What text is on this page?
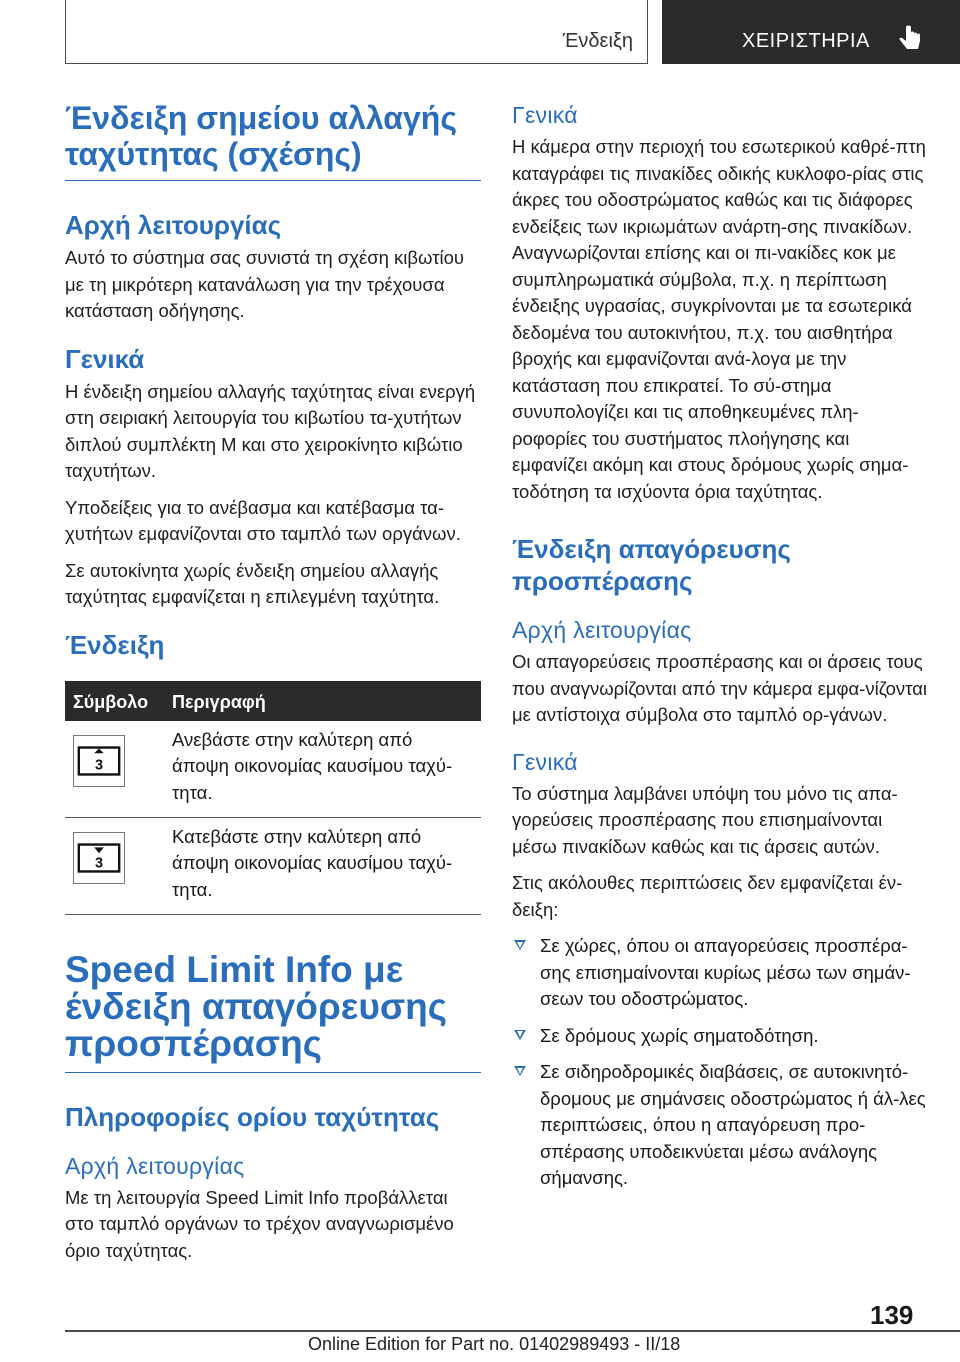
Ένδειξη	ΧΕΙΡΙΣΤΗΡΙΑ
Ένδειξη σημείου αλλαγής ταχύτητας (σχέσης)
Αρχή λειτουργίας

Αυτό το σύστημα σας συνιστά τη σχέση κιβωτίου με τη μικρότερη κατανάλωση για την τρέχουσα κατάσταση οδήγησης.

Γενικά

Η ένδειξη σημείου αλλαγής ταχύτητας είναι ενεργή στη σειριακή λειτουργία του κιβωτίου τα-χυτήτων διπλού συμπλέκτη M και στο χειροκίνητο κιβώτιο ταχυτήτων.

Υποδείξεις για το ανέβασμα και κατέβασμα τα-χυτήτων εμφανίζονται στο ταμπλό των οργάνων.

Σε αυτοκίνητα χωρίς ένδειξη σημείου αλλαγής ταχύτητας εμφανίζεται η επιλεγμένη ταχύτητα.

Ένδειξη
Σύμβολο Περιγραφή
3
Ανεβάστε στην καλύτερη από άποψη οικονομίας καυσίμου ταχύ-τητα.
3
Κατεβάστε στην καλύτερη από άποψη οικονομίας καυσίμου ταχύ-τητα.
Speed Limit Info με ένδειξη απαγόρευσης προσπέρασης
Πληροφορίες ορίου ταχύτητας
Αρχή λειτουργίας

Με τη λειτουργία Speed Limit Info προβάλλεται στο ταμπλό οργάνων το τρέχον αναγνωρισμένο όριο ταχύτητας.

Γενικά

Η κάμερα στην περιοχή του εσωτερικού καθρέ-πτη καταγράφει τις πινακίδες οδικής κυκλοφο-ρίας στις άκρες του οδοστρώματος καθώς και τις διάφορες ενδείξεις των ικριωμάτων ανάρτη-σης πινακίδων. Αναγνωρίζονται επίσης και οι πι-νακίδες κοκ με συμπληρωματικά σύμβολα, π.χ. η περίπτωση ένδειξης υγρασίας, συγκρίνονται με τα εσωτερικά δεδομένα του αυτοκινήτου, π.χ. του αισθητήρα βροχής και εμφανίζονται ανά-λογα με την κατάσταση που επικρατεί. Το σύ-στημα συνυπολογίζει και τις αποθηκευμένες πλη-ροφορίες του συστήματος πλοήγησης και εμφανίζει ακόμη και στους δρόμους χωρίς σημα-τοδότηση τα ισχύοντα όρια ταχύτητας.

Ένδειξη απαγόρευσης προσπέρασης
Αρχή λειτουργίας

Οι απαγορεύσεις προσπέρασης και οι άρσεις τους που αναγνωρίζονται από την κάμερα εμφα-νίζονται με αντίστοιχα σύμβολα στο ταμπλό ορ-γάνων.

Γενικά

Το σύστημα λαμβάνει υπόψη του μόνο τις απα-γορεύσεις προσπέρασης που επισημαίνονται μέσω πινακίδων καθώς και τις άρσεις αυτών.

Στις ακόλουθες περιπτώσεις δεν εμφανίζεται έν-δειξη:

Σε χώρες, όπου οι απαγορεύσεις προσπέρα-σης επισημαίνονται κυρίως μέσω των σημάν-σεων του οδοστρώματος.
Σε δρόμους χωρίς σηματοδότηση.
Σε σιδηροδρομικές διαβάσεις, σε αυτοκινητό-δρομους με σημάνσεις οδοστρώματος ή άλ-λες περιπτώσεις, όπου η απαγόρευση προ-σπέρασης υποδεικνύεται μέσω ανάλογης σήμανσης.
139
Online Edition for Part no. 01402989493 - II/18
